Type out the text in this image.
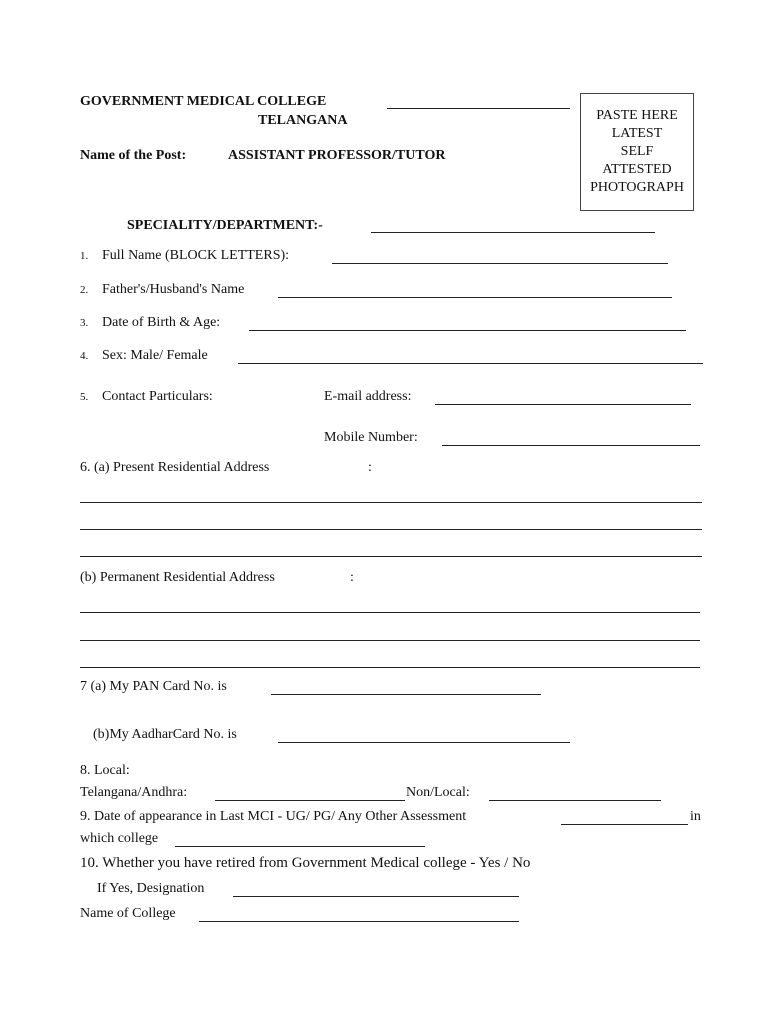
GOVERNMENT MEDICAL COLLEGE
TELANGANA
Name of the Post:	ASSISTANT PROFESSOR/TUTOR
PASTE HERE
LATEST
SELF
ATTESTED
PHOTOGRAPH
SPECIALITY/DEPARTMENT:-
1. Full Name (BLOCK LETTERS):
2. Father's/Husband's Name
3. Date of Birth & Age:
4. Sex: Male/ Female
5. Contact Particulars:	E-mail address:
Mobile Number:
6. (a) Present Residential Address	:
(b) Permanent Residential Address	:
7 (a) My PAN Card No. is
(b)My AadharCard No. is
8. Local:
Telangana/Andhra:	Non/Local:
9. Date of appearance in Last MCI - UG/ PG/ Any Other Assessment	in
which college
10. Whether you have retired from Government Medical college - Yes / No
If Yes, Designation
Name of College
